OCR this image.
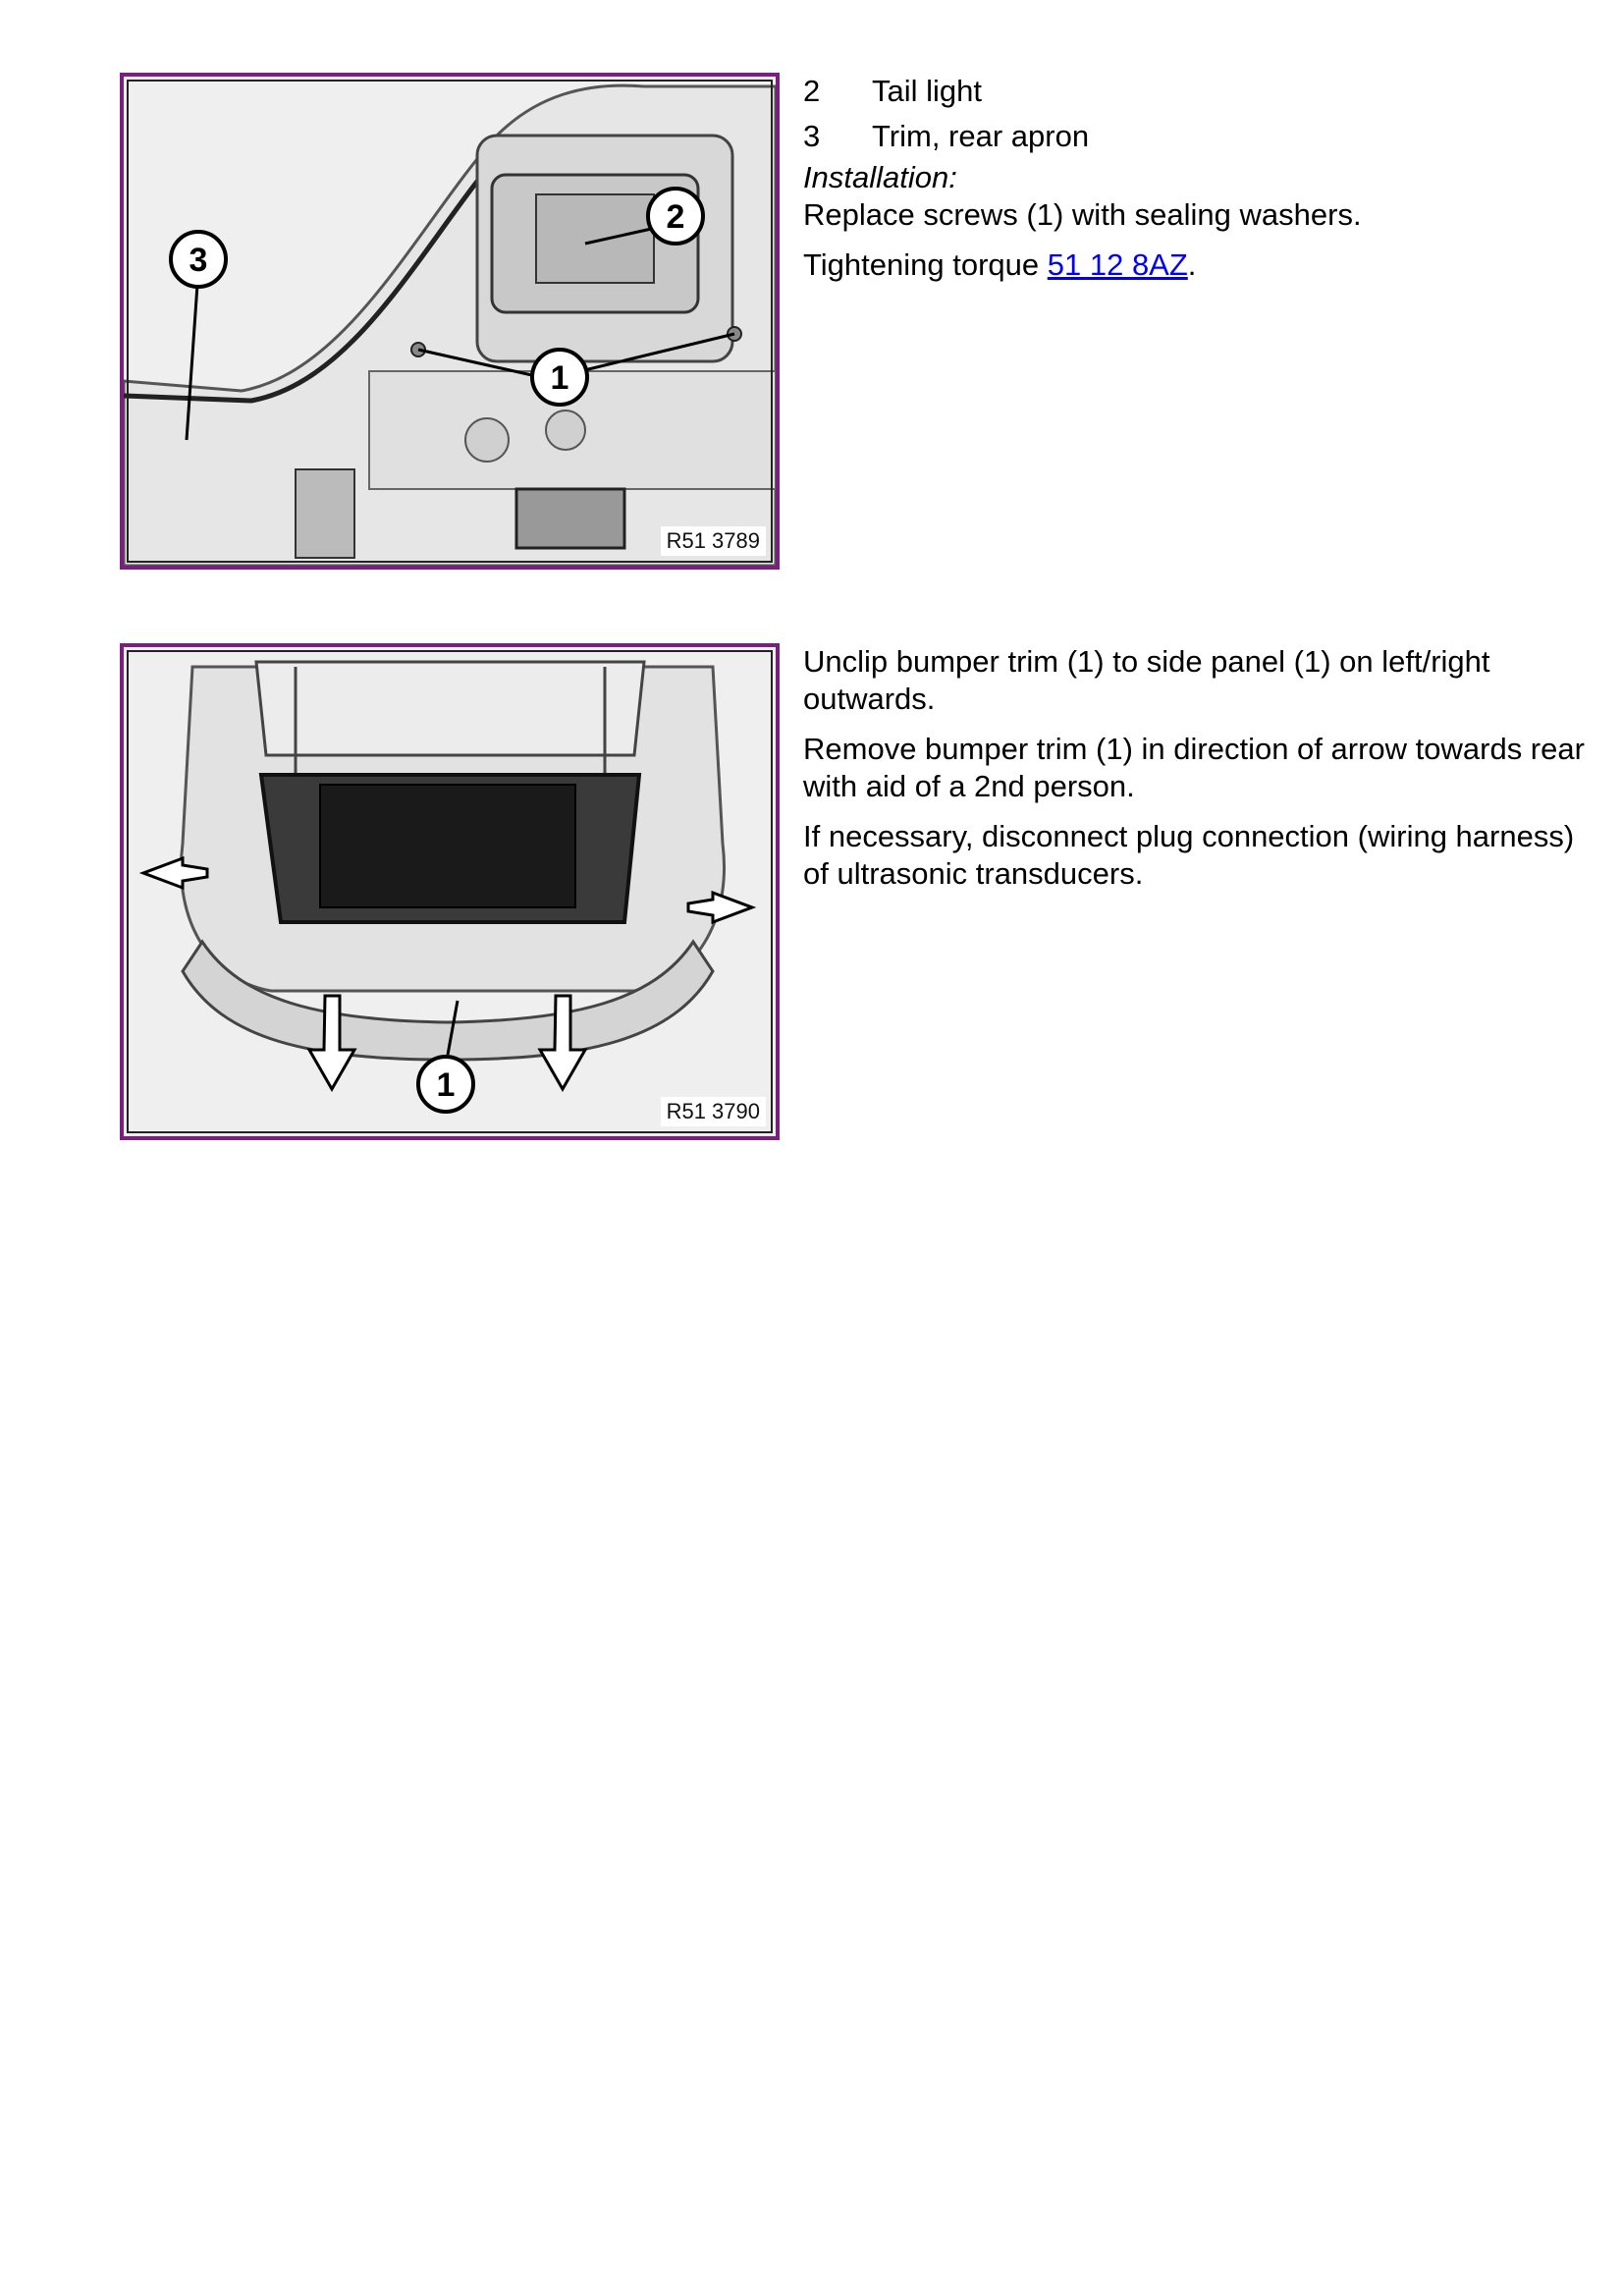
1
2
3
R51 3789
2	Tail light
3	Trim, rear apron
Installation:

Replace screws (1) with sealing washers.

Tightening torque 51 12 8AZ.

1
R51 3790

Unclip bumper trim (1) to side panel (1) on left/right outwards.

Remove bumper trim (1) in direction of arrow towards rear with aid of a 2nd person.

If necessary, disconnect plug connection (wiring harness) of ultrasonic transducers.
